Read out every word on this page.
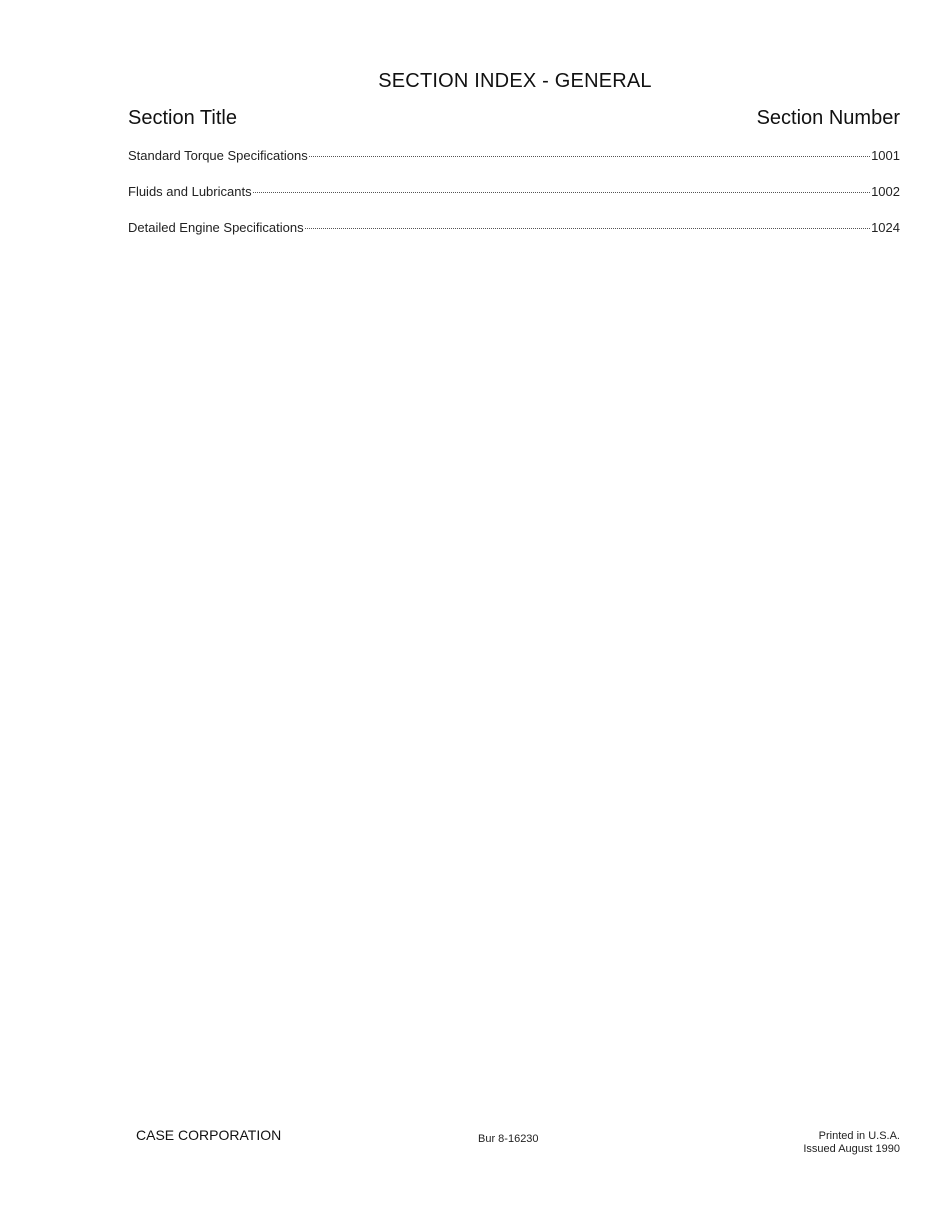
SECTION INDEX - GENERAL
Section Title	Section Number
Standard Torque Specifications	1001
Fluids and Lubricants	1002
Detailed Engine Specifications	1024
CASE CORPORATION	Bur 8-16230	Printed in U.S.A.
Issued August 1990
